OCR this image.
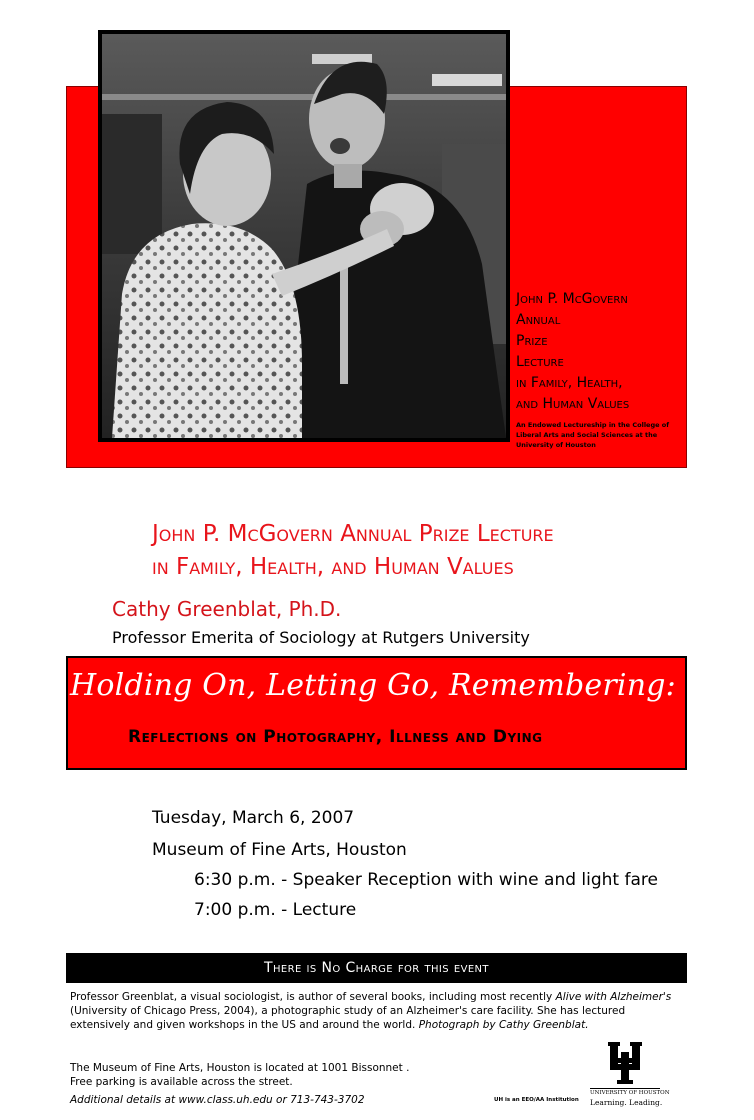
John P. McGovern
Annual
Prize
Lecture
in Family, Health,
and Human Values
An Endowed Lectureship in the College of Liberal Arts and Social Sciences at the University of Houston
John P. McGovern Annual Prize Lecture
in Family, Health, and Human Values
Cathy Greenblat, Ph.D.
Professor Emerita of Sociology at Rutgers University
Holding On, Letting Go, Remembering:
Reflections on Photography, Illness and Dying
Tuesday, March 6, 2007
Museum of Fine Arts, Houston
6:30 p.m. - Speaker Reception with wine and light fare
7:00 p.m. - Lecture
There is No Charge for this event
Professor Greenblat, a visual sociologist, is author of several books, including most recently Alive with Alzheimer's (University of Chicago Press, 2004), a photographic study of an Alzheimer's care facility. She has lectured extensively and given workshops in the US and around the world. Photograph by Cathy Greenblat.
The Museum of Fine Arts, Houston is located at 1001 Bissonnet .
Free parking is available across the street.
Additional details at www.class.uh.edu or 713-743-3702	UH is an EEO/AA Institution
UNIVERSITY OF HOUSTON
Learning. Leading.
